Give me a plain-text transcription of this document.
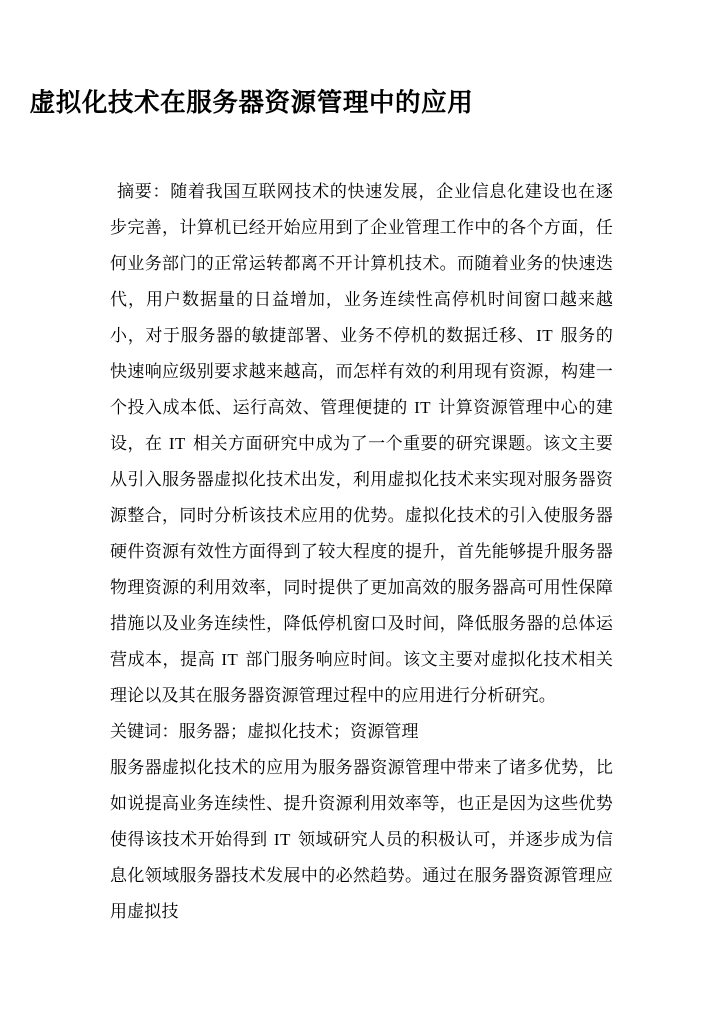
虚拟化技术在服务器资源管理中的应用

摘要：随着我国互联网技术的快速发展，企业信息化建设也在逐步完善，计算机已经开始应用到了企业管理工作中的各个方面，任何业务部门的正常运转都离不开计算机技术。而随着业务的快速迭代，用户数据量的日益增加，业务连续性高停机时间窗口越来越小，对于服务器的敏捷部署、业务不停机的数据迁移、IT 服务的快速响应级别要求越来越高，而怎样有效的利用现有资源，构建一个投入成本低、运行高效、管理便捷的 IT 计算资源管理中心的建设，在 IT 相关方面研究中成为了一个重要的研究课题。该文主要从引入服务器虚拟化技术出发，利用虚拟化技术来实现对服务器资源整合，同时分析该技术应用的优势。虚拟化技术的引入使服务器硬件资源有效性方面得到了较大程度的提升，首先能够提升服务器物理资源的利用效率，同时提供了更加高效的服务器高可用性保障措施以及业务连续性，降低停机窗口及时间，降低服务器的总体运营成本，提高 IT 部门服务响应时间。该文主要对虚拟化技术相关理论以及其在服务器资源管理过程中的应用进行分析研究。

关键词：服务器；虚拟化技术；资源管理

服务器虚拟化技术的应用为服务器资源管理中带来了诸多优势，比如说提高业务连续性、提升资源利用效率等，也正是因为这些优势使得该技术开始得到 IT 领域研究人员的积极认可，并逐步成为信息化领域服务器技术发展中的必然趋势。通过在服务器资源管理应用虚拟技
